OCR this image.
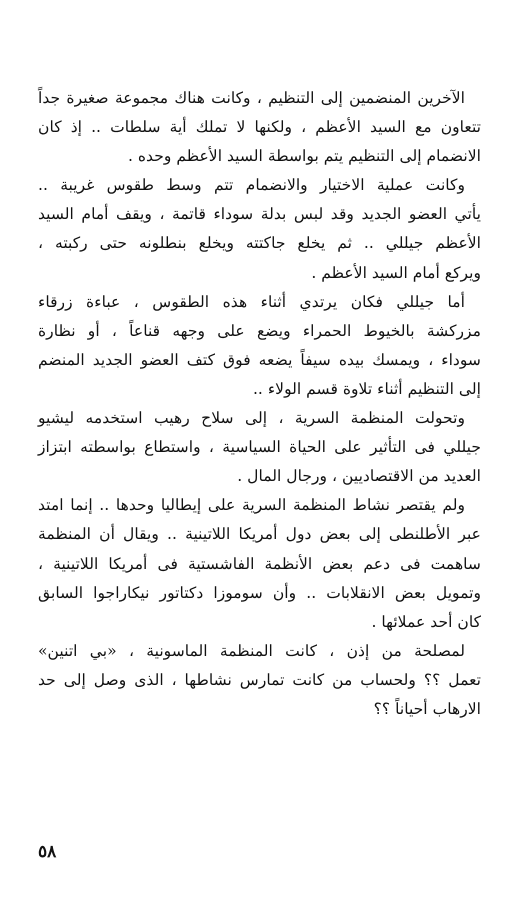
الآخرين المنضمين إلى التنظيم ، وكانت هناك مجموعة صغيرة جداً
تتعاون مع السيد الأعظم ، ولكنها لا تملك أية سلطات .. إذ كان
الانضمام إلى التنظيم يتم بواسطة السيد الأعظم وحده .
وكانت عملية الاختيار والانضمام تتم وسط طقوس غريبة ..
يأتي العضو الجديد وقد لبس بدلة سوداء قاتمة ، ويقف أمام السيد
الأعظم جيللي .. ثم يخلع جاكتته ويخلع بنطلونه حتى ركبته ،
ويركع أمام السيد الأعظم .
أما جيللي فكان يرتدي أثناء هذه الطقوس ، عباءة زرقاء
مزركشة بالخيوط الحمراء ويضع على وجهه قناعاً ، أو نظارة
سوداء ، ويمسك بيده سيفاً يضعه فوق كتف العضو الجديد المنضم
إلى التنظيم أثناء تلاوة قسم الولاء ..
وتحولت المنظمة السرية ، إلى سلاح رهيب استخدمه ليشيو
جيللي فى التأثير على الحياة السياسية ، واستطاع بواسطته ابتزاز
العديد من الاقتصاديين ، ورجال المال .
ولم يقتصر نشاط المنظمة السرية على إيطاليا وحدها .. إنما امتد
عبر الأطلنطى إلى بعض دول أمريكا اللاتينية .. ويقال أن المنظمة
ساهمت فى دعم بعض الأنظمة الفاشستية فى أمريكا اللاتينية ،
وتمويل بعض الانقلابات .. وأن سوموزا دكتاتور نيكاراجوا السابق
كان أحد عملائها .
لمصلحة من إذن ، كانت المنظمة الماسونية ، «بي اتنين»
تعمل ؟؟ ولحساب من كانت تمارس نشاطها ، الذى وصل إلى حد
الارهاب أحياناً ؟؟
٥٨
